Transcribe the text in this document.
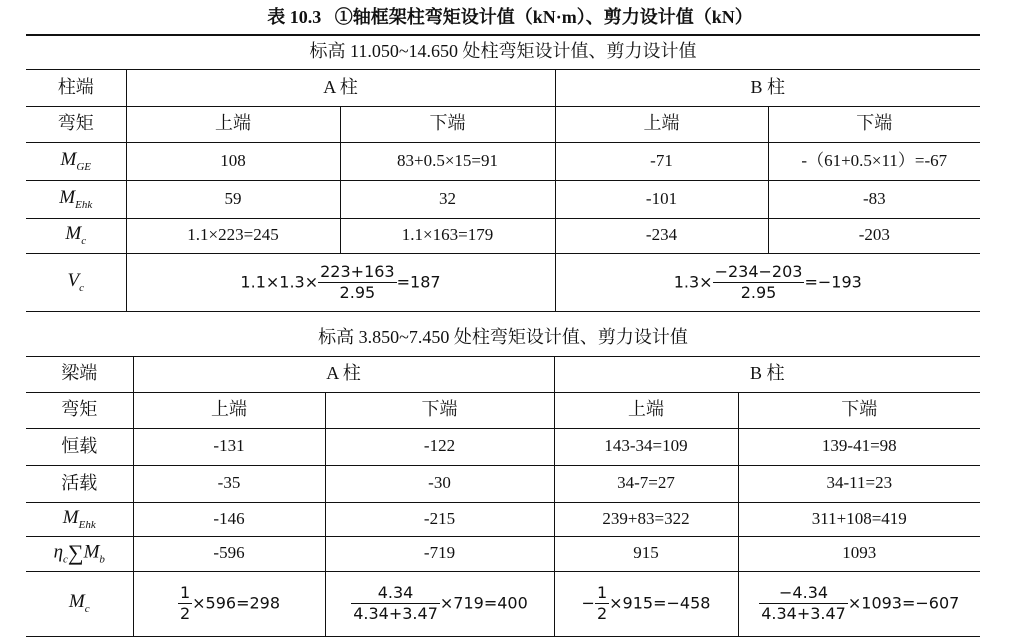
表 10.3 ①轴框架柱弯矩设计值（kN·m）、剪力设计值（kN）
标高 11.050~14.650 处柱弯矩设计值、剪力设计值				
柱端	A 柱		B 柱	
弯矩	上端	下端	上端	下端
$M_{GE}$	108	83+0.5×15=91	-71	-（61+0.5×11）=-67
$M_{Ehk}$	59	32	-101	-83
$M_c$	1.1×223=245	1.1×163=179	-234	-203
$V_c$	$1.1\times 1.3\times \frac{223+163}{2.95} =187$		$1.3\times \frac{-234-203}{2.95} =-193$	
标高 3.850~7.450 处柱弯矩设计值、剪力设计值				
梁端	A 柱		B 柱	
弯矩	上端	下端	上端	下端
恒载	-131	-122	143-34=109	139-41=98
活载	-35	-30	34-7=27	34-11=23
$M_{Ehk}$	-146	-215	239+83=322	311+108=419
$\eta_c\sum M_b$	-596	-719	915	1093
$M_c$	$\frac{1}{2} \times 596=298$	$\frac{4.34}{4.34+3.47} \times 719=400$	− $\frac{1}{2} \times 915=-458$	$\frac{-4.34}{4.34+3.47} \times 1093=-607$
